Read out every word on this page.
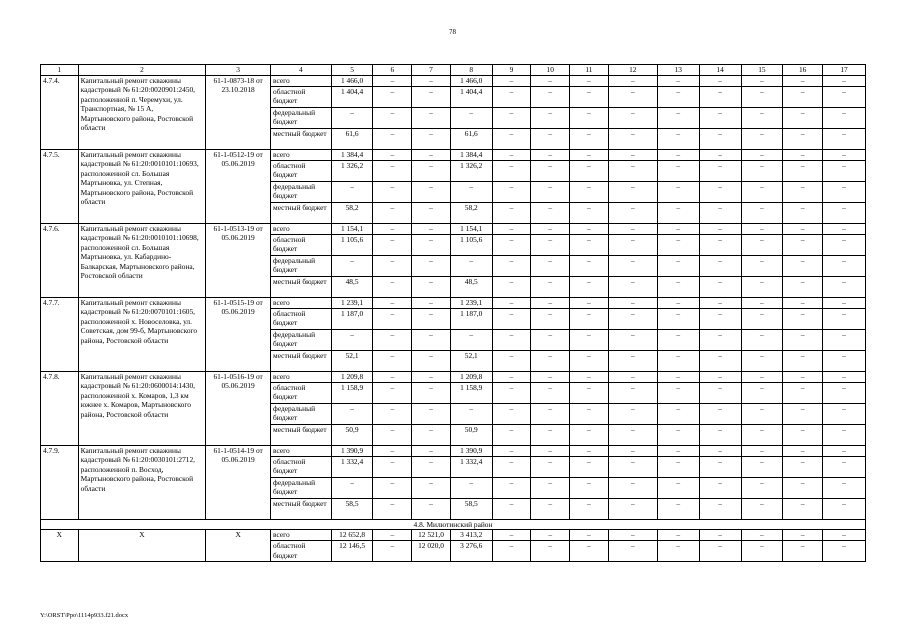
78
1	2	3	4	5	6	7	8	9	10	11	12	13	14	15	16	17
4.7.4.	Капитальный ремонт скважины кадастровый № 61:20:0020901:2450, расположенной п. Черемухи, ул. Транспортная, № 15 А, Мартыновского района, Ростовской области	61-1-0873-18 от 23.10.2018	всего	1 466,0	–	–	1 466,0	–	–	–	–	–	–	–	–	–
			областной бюджет	1 404,4	–	–	1 404,4	–	–	–	–	–	–	–	–	–
			федеральный бюджет	–	–	–	–	–	–	–	–	–	–	–	–	–
			местный бюджет	61,6	–	–	61,6	–	–	–	–	–	–	–	–	–
4.7.5.	Капитальный ремонт скважины кадастровый № 61:20:0010101:10693, расположенной сл. Большая Мартыновка, ул. Степная, Мартыновского района, Ростовской области	61-1-0512-19 от 05.06.2019	всего	1 384,4	–	–	1 384,4	–	–	–	–	–	–	–	–	–
			областной бюджет	1 326,2	–	–	1 326,2	–	–	–	–	–	–	–	–	–
			федеральный бюджет	–	–	–	–	–	–	–	–	–	–	–	–	–
			местный бюджет	58,2	–	–	58,2	–	–	–	–	–	–	–	–	–
4.7.6.	Капитальный ремонт скважины кадастровый № 61:20:0010101:10698, расположенной сл. Большая Мартыновка, ул. Кабардино-Балкарская, Мартыновского района, Ростовской области	61-1-0513-19 от 05.06.2019	всего	1 154,1	–	–	1 154,1	–	–	–	–	–	–	–	–	–
			областной бюджет	1 105,6	–	–	1 105,6	–	–	–	–	–	–	–	–	–
			федеральный бюджет	–	–	–	–	–	–	–	–	–	–	–	–	–
			местный бюджет	48,5	–	–	48,5	–	–	–	–	–	–	–	–	–
4.7.7.	Капитальный ремонт скважины кадастровый № 61:20:0070101:1605, расположенной х. Новоселовка, ул. Советская, дом 99-б, Мартыновского района, Ростовской области	61-1-0515-19 от 05.06.2019	всего	1 239,1	–	–	1 239,1	–	–	–	–	–	–	–	–	–
			областной бюджет	1 187,0	–	–	1 187,0	–	–	–	–	–	–	–	–	–
			федеральный бюджет	–	–	–	–	–	–	–	–	–	–	–	–	–
			местный бюджет	52,1	–	–	52,1	–	–	–	–	–	–	–	–	–
4.7.8.	Капитальный ремонт скважины кадастровый № 61:20:0600014:1430, расположенной х. Комаров, 1,3 км южнее х. Комаров, Мартыновского района, Ростовской области	61-1-0516-19 от 05.06.2019	всего	1 209,8	–	–	1 209,8	–	–	–	–	–	–	–	–	–
			областной бюджет	1 158,9	–	–	1 158,9	–	–	–	–	–	–	–	–	–
			федеральный бюджет	–	–	–	–	–	–	–	–	–	–	–	–	–
			местный бюджет	50,9	–	–	50,9	–	–	–	–	–	–	–	–	–
4.7.9.	Капитальный ремонт скважины кадастровый № 61:20:0030101:2712, расположенной п. Восход, Мартыновского района, Ростовской области	61-1-0514-19 от 05.06.2019	всего	1 390,9	–	–	1 390,9	–	–	–	–	–	–	–	–	–
			областной бюджет	1 332,4	–	–	1 332,4	–	–	–	–	–	–	–	–	–
			федеральный бюджет	–	–	–	–	–	–	–	–	–	–	–	–	–
			местный бюджет	58,5	–	–	58,5	–	–	–	–	–	–	–	–	–
4.8. Милютинский район																
Х	Х	Х	всего	12 652,8	–	12 521,0	3 413,2	–	–	–	–	–	–	–	–	–
			областной бюджет	12 146,5	–	12 020,0	3 276,6	–	–	–	–	–	–	–	–	–
Y:\ORST\Ppo\1114p933.f21.docx
